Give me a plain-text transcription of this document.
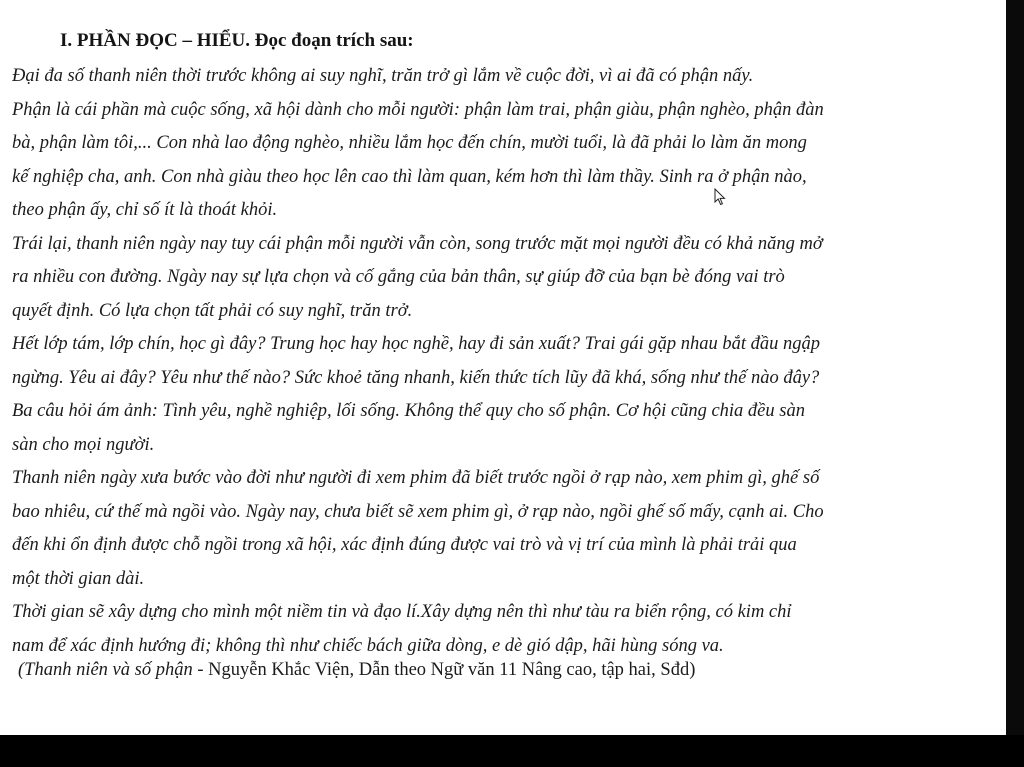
I. PHẦN ĐỌC – HIỂU. Đọc đoạn trích sau:
Đại đa số thanh niên thời trước không ai suy nghĩ, trăn trở gì lắm về cuộc đời, vì ai đã có phận nấy.
Phận là cái phần mà cuộc sống, xã hội dành cho mỗi người: phận làm trai, phận giàu, phận nghèo, phận đàn
bà, phận làm tôi,... Con nhà lao động nghèo, nhiều lắm học đến chín, mười tuổi, là đã phải lo làm ăn mong
kế nghiệp cha, anh. Con nhà giàu theo học lên cao thì làm quan, kém hơn thì làm thầy. Sinh ra ở phận nào,
theo phận ấy, chỉ số ít là thoát khỏi.
Trái lại, thanh niên ngày nay tuy cái phận mỗi người vẫn còn, song trước mặt mọi người đều có khả năng mở
ra nhiều con đường. Ngày nay sự lựa chọn và cố gắng của bản thân, sự giúp đỡ của bạn bè đóng vai trò
quyết định. Có lựa chọn tất phải có suy nghĩ, trăn trở.
Hết lớp tám, lớp chín, học gì đây? Trung học hay học nghề, hay đi sản xuất? Trai gái gặp nhau bắt đầu ngập
ngừng. Yêu ai đây? Yêu như thế nào? Sức khoẻ tăng nhanh, kiến thức tích lũy đã khá, sống như thế nào đây?
Ba câu hỏi ám ảnh: Tình yêu, nghề nghiệp, lối sống. Không thể quy cho số phận. Cơ hội cũng chia đều sàn
sàn cho mọi người.
Thanh niên ngày xưa bước vào đời như người đi xem phim đã biết trước ngồi ở rạp nào, xem phim gì, ghế số
bao nhiêu, cứ thế mà ngồi vào. Ngày nay, chưa biết sẽ xem phim gì, ở rạp nào, ngồi ghế số mấy, cạnh ai. Cho
đến khi ổn định được chỗ ngồi trong xã hội, xác định đúng được vai trò và vị trí của mình là phải trải qua
một thời gian dài.
Thời gian sẽ xây dựng cho mình một niềm tin và đạo lí.Xây dựng nên thì như tàu ra biển rộng, có kim chỉ
nam để xác định hướng đi; không thì như chiếc bách giữa dòng, e dè gió dập, hãi hùng sóng va.
(Thanh niên và số phận - Nguyễn Khắc Viện, Dẫn theo Ngữ văn 11 Nâng cao, tập hai, Sđd)
